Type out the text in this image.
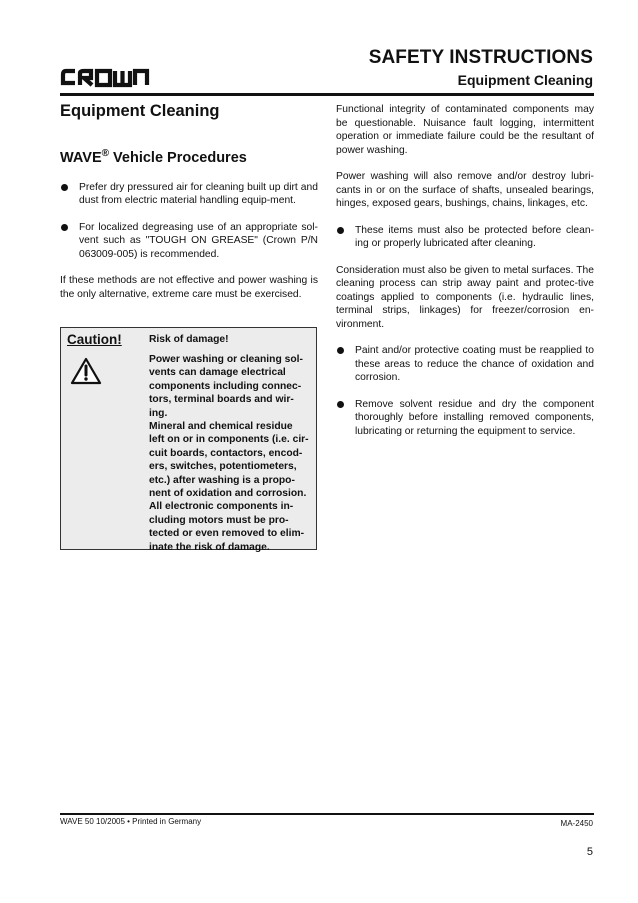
SAFETY INSTRUCTIONS
Equipment Cleaning
Equipment Cleaning
WAVE® Vehicle Procedures

Prefer dry pressured air for cleaning built up dirt and dust from electric material handling equip-ment.

For localized degreasing use of an appropriate sol-vent such as "TOUGH ON GREASE" (Crown P/N 063009-005) is recommended.

If these methods are not effective and power washing is the only alternative, extreme care must be exercised.

Caution!	Risk of damage!
Power washing or cleaning sol-
vents can damage electrical
components including connec-
tors, terminal boards and wir-
ing.
Mineral and chemical residue
left on or in components (i.e. cir-
cuit boards, contactors, encod-
ers, switches, potentiometers,
etc.) after washing is a propo-
nent of oxidation and corrosion.
All electronic components in-
cluding motors must be pro-
tected or even removed to elim-
inate the risk of damage.

Functional integrity of contaminated components may be questionable. Nuisance fault logging, intermittent operation or immediate failure could be the resultant of power washing.

Power washing will also remove and/or destroy lubri-cants in or on the surface of shafts, unsealed bearings, hinges, exposed gears, bushings, chains, linkages, etc.

These items must also be protected before clean-ing or properly lubricated after cleaning.

Consideration must also be given to metal surfaces. The cleaning process can strip away paint and protec-tive coatings applied to components (i.e. hydraulic lines, terminal strips, linkages) for freezer/corrosion en-vironment.

Paint and/or protective coating must be reapplied to these areas to reduce the chance of oxidation and corrosion.

Remove solvent residue and dry the component thoroughly before installing removed components, lubricating or returning the equipment to service.

WAVE 50 10/2005 • Printed in Germany	MA-2450
5
